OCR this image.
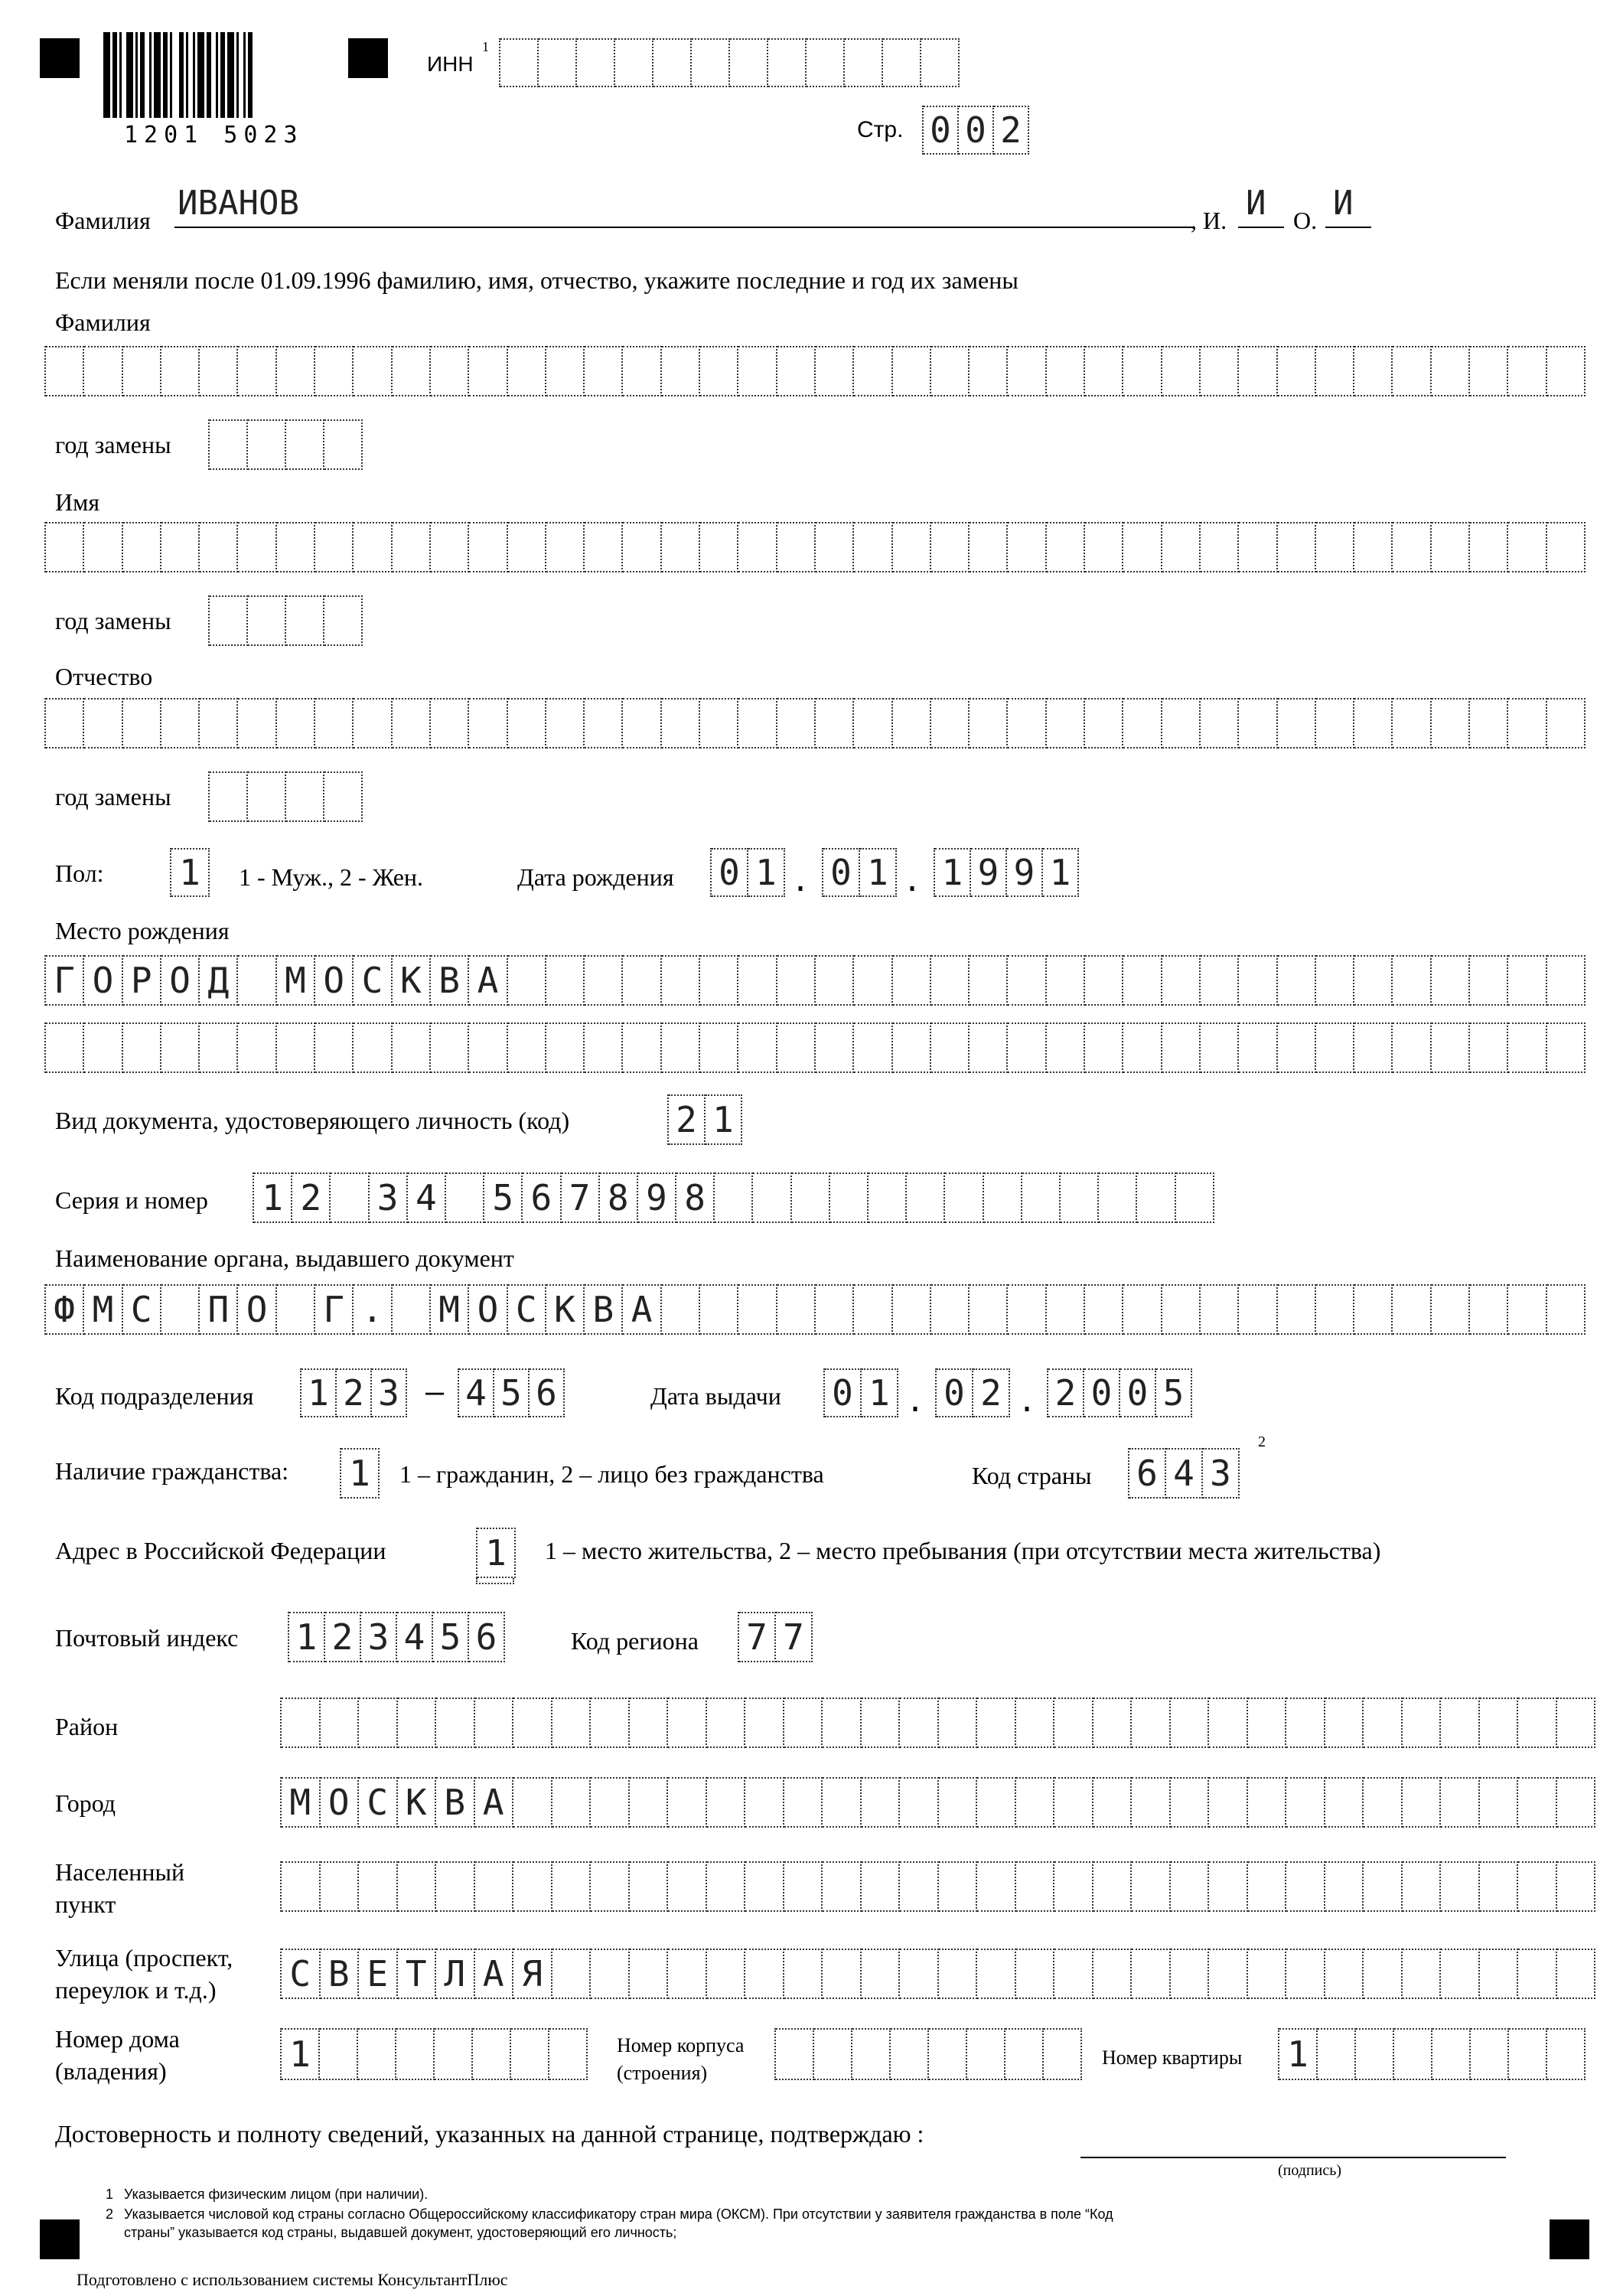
1201 5023
ИНН
1
Стр. 0 0 2
Фамилия ИВАНОВ	, И. И О. И
Если меняли после 01.09.1996 фамилию, имя, отчество, укажите последние и год их замены
Фамилия
год замены
Имя
год замены
Отчество
год замены
Пол: 1	1 - Муж., 2 - Жен.	Дата рождения 0 1 . 0 1 . 1 9 9 1
Место рождения
Г О Р О Д М О С К В А
Вид документа, удостоверяющего личность (код)	2 1
Серия и номер 1 2 3 4 5 6 7 8 9 8
Наименование органа, выдавшего документ
Ф М С П О Г . М О С К В А
Код подразделения 1 2 3 – 4 5 6	Дата выдачи 0 1 . 0 2 . 2 0 0 5
Наличие гражданства: 1	1 – гражданин, 2 – лицо без гражданства	Код страны 6 4 3
2
Адрес в Российской Федерации	1	1 – место жительства, 2 – место пребывания (при отсутствии места жительства)
Почтовый индекс 1 2 3 4 5 6	Код региона 7 7
Район
Город	М О С К В А
Населенный
пункт
Улица (проспект,
переулок и т.д.) С В Е Т Л А Я
Номер дома
(владения)	1	Номер корпуса
(строения)
Номер квартиры 1
Достоверность и полноту сведений, указанных на данной странице, подтверждаю :
(подпись)
1 Указывается физическим лицом (при наличии).
2 Указывается числовой код страны согласно Общероссийскому классификатору стран мира (ОКСМ). При отсутствии у заявителя гражданства в поле “Код
страны” указывается код страны, выдавшей документ, удостоверяющий его личность;
Подготовлено с использованием системы КонсультантПлюс
